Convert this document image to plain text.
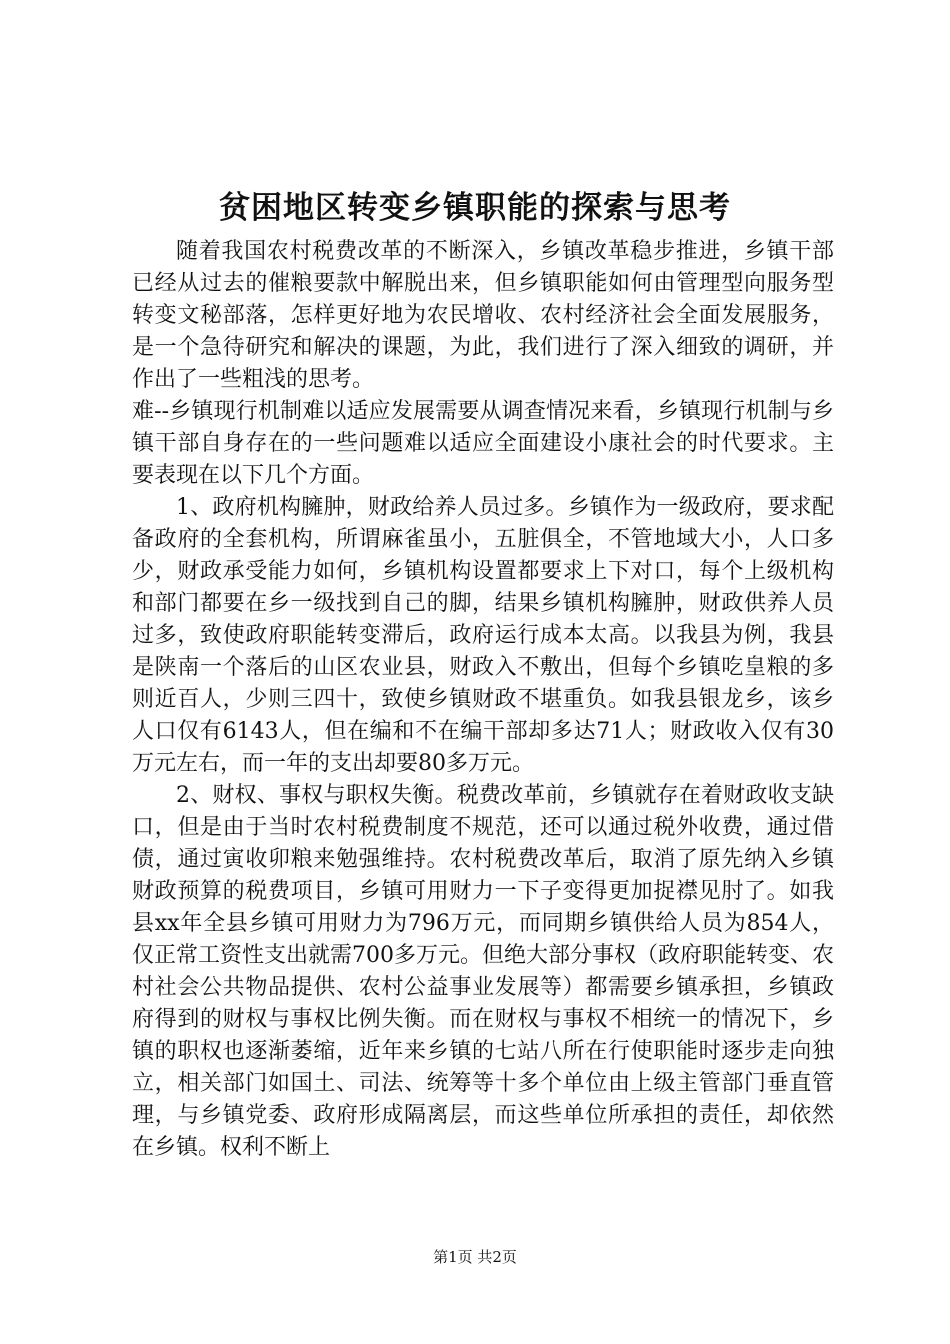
贫困地区转变乡镇职能的探索与思考

随着我国农村税费改革的不断深入，乡镇改革稳步推进，乡镇干部已经从过去的催粮要款中解脱出来，但乡镇职能如何由管理型向服务型转变文秘部落，怎样更好地为农民增收、农村经济社会全面发展服务，是一个急待研究和解决的课题，为此，我们进行了深入细致的调研，并作出了一些粗浅的思考。

难--乡镇现行机制难以适应发展需要从调查情况来看，乡镇现行机制与乡镇干部自身存在的一些问题难以适应全面建设小康社会的时代要求。主要表现在以下几个方面。

1、政府机构臃肿，财政给养人员过多。乡镇作为一级政府，要求配备政府的全套机构，所谓麻雀虽小，五脏俱全，不管地域大小，人口多少，财政承受能力如何，乡镇机构设置都要求上下对口，每个上级机构和部门都要在乡一级找到自己的脚，结果乡镇机构臃肿，财政供养人员过多，致使政府职能转变滞后，政府运行成本太高。以我县为例，我县是陕南一个落后的山区农业县，财政入不敷出，但每个乡镇吃皇粮的多则近百人，少则三四十，致使乡镇财政不堪重负。如我县银龙乡，该乡人口仅有6143人，但在编和不在编干部却多达71人；财政收入仅有30万元左右，而一年的支出却要80多万元。

2、财权、事权与职权失衡。税费改革前，乡镇就存在着财政收支缺口，但是由于当时农村税费制度不规范，还可以通过税外收费，通过借债，通过寅收卯粮来勉强维持。农村税费改革后，取消了原先纳入乡镇财政预算的税费项目，乡镇可用财力一下子变得更加捉襟见肘了。如我县xx年全县乡镇可用财力为796万元，而同期乡镇供给人员为854人，仅正常工资性支出就需700多万元。但绝大部分事权（政府职能转变、农村社会公共物品提供、农村公益事业发展等）都需要乡镇承担，乡镇政府得到的财权与事权比例失衡。而在财权与事权不相统一的情况下，乡镇的职权也逐渐萎缩，近年来乡镇的七站八所在行使职能时逐步走向独立，相关部门如国土、司法、统筹等十多个单位由上级主管部门垂直管理，与乡镇党委、政府形成隔离层，而这些单位所承担的责任，却依然在乡镇。权利不断上

第1页 共2页
